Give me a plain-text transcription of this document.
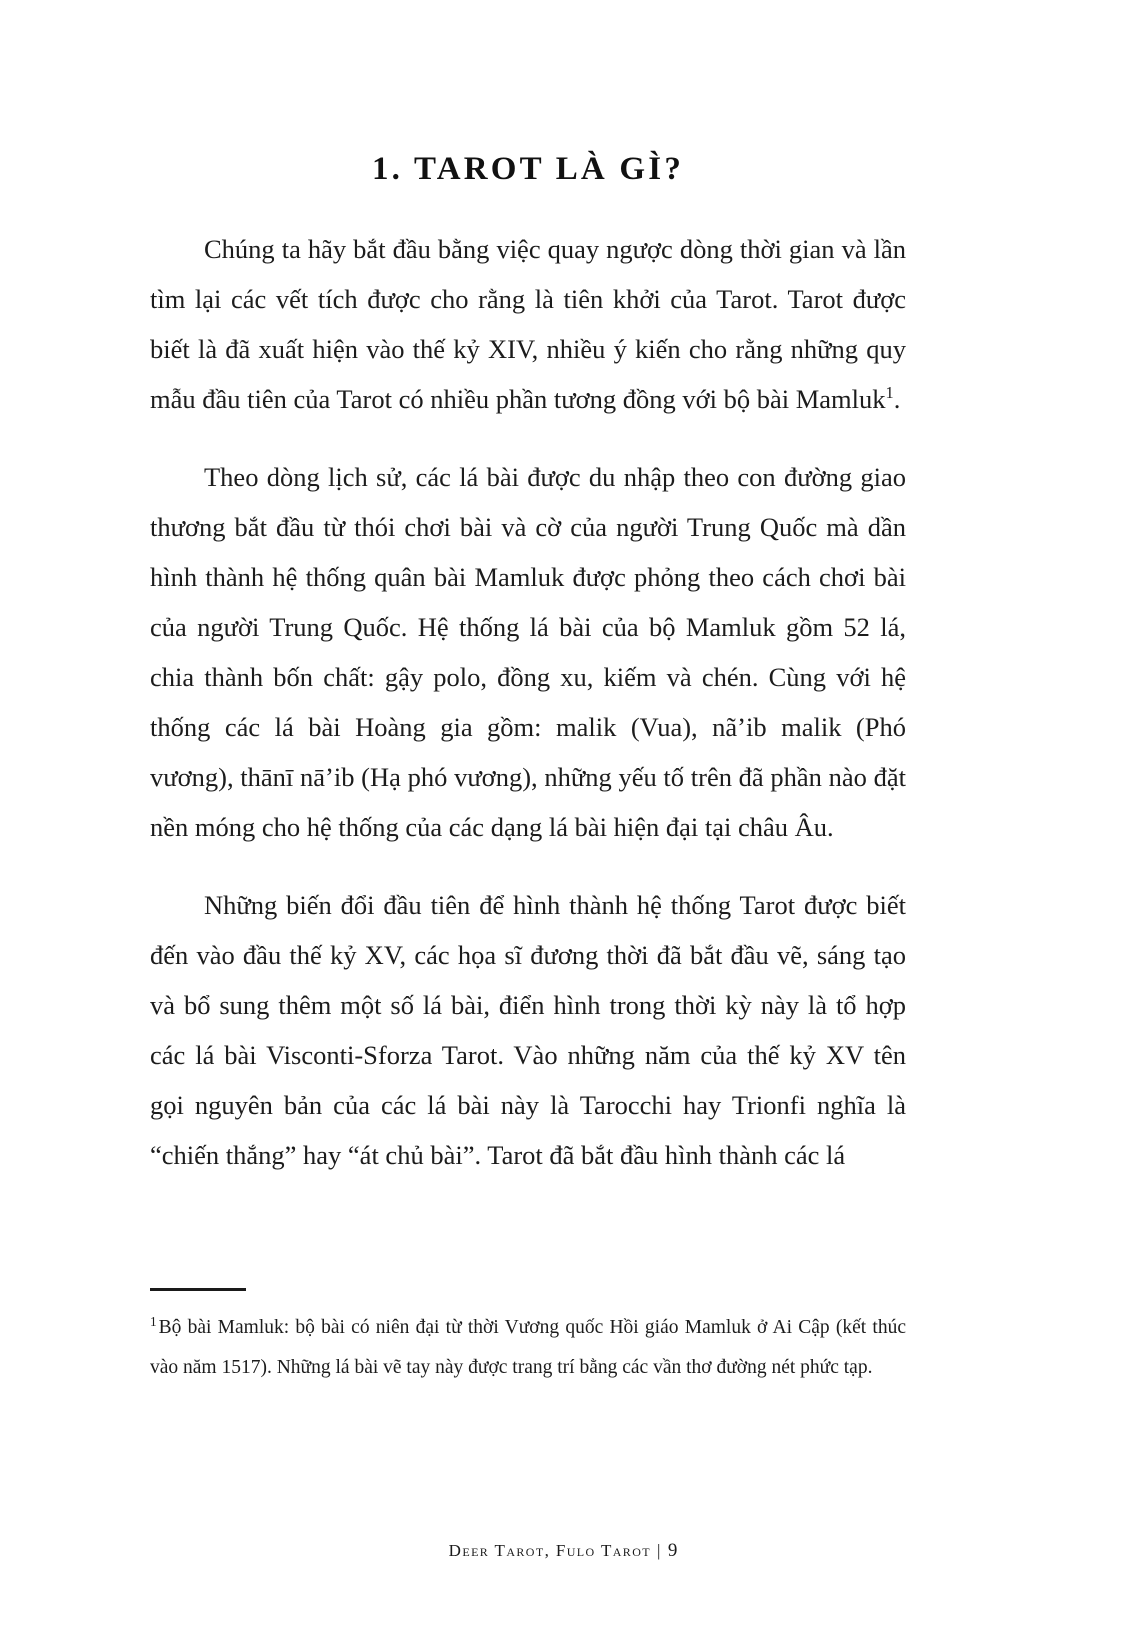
1. TAROT LÀ GÌ?

Chúng ta hãy bắt đầu bằng việc quay ngược dòng thời gian và lần tìm lại các vết tích được cho rằng là tiên khởi của Tarot. Tarot được biết là đã xuất hiện vào thế kỷ XIV, nhiều ý kiến cho rằng những quy mẫu đầu tiên của Tarot có nhiều phần tương đồng với bộ bài Mamluk$^1$.

Theo dòng lịch sử, các lá bài được du nhập theo con đường giao thương bắt đầu từ thói chơi bài và cờ của người Trung Quốc mà dần hình thành hệ thống quân bài Mamluk được phỏng theo cách chơi bài của người Trung Quốc. Hệ thống lá bài của bộ Mamluk gồm 52 lá, chia thành bốn chất: gậy polo, đồng xu, kiếm và chén. Cùng với hệ thống các lá bài Hoàng gia gồm: malik (Vua), nã’ib malik (Phó vương), thānī nā’ib (Hạ phó vương), những yếu tố trên đã phần nào đặt nền móng cho hệ thống của các dạng lá bài hiện đại tại châu Âu.

Những biến đổi đầu tiên để hình thành hệ thống Tarot được biết đến vào đầu thế kỷ XV, các họa sĩ đương thời đã bắt đầu vẽ, sáng tạo và bổ sung thêm một số lá bài, điển hình trong thời kỳ này là tổ hợp các lá bài Visconti-Sforza Tarot. Vào những năm của thế kỷ XV tên gọi nguyên bản của các lá bài này là Tarocchi hay Trionfi nghĩa là “chiến thắng” hay “át chủ bài”. Tarot đã bắt đầu hình thành các lá

$^1$ Bộ bài Mamluk: bộ bài có niên đại từ thời Vương quốc Hồi giáo Mamluk ở Ai Cập (kết thúc vào năm 1517). Những lá bài vẽ tay này được trang trí bằng các vần thơ đường nét phức tạp.

Deer Tarot, Fulo Tarot | 9
